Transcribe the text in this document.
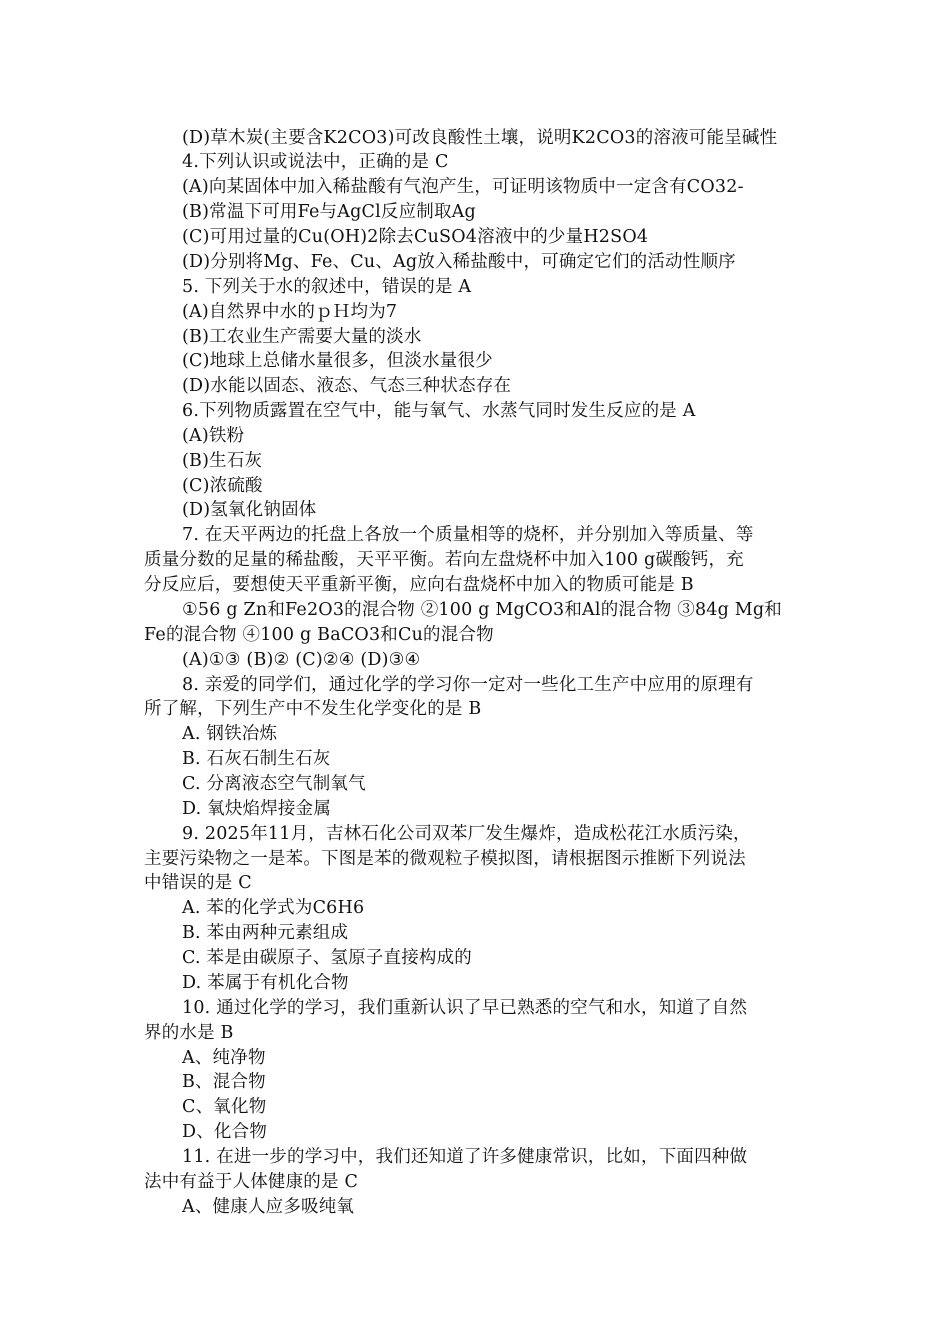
(D)草木炭(主要含K2CO3)可改良酸性土壤，说明K2CO3的溶液可能呈碱性
4.下列认识或说法中，正确的是 C
(A)向某固体中加入稀盐酸有气泡产生，可证明该物质中一定含有CO32-
(B)常温下可用Fe与AgCl反应制取Ag
(C)可用过量的Cu(OH)2除去CuSO4溶液中的少量H2SO4
(D)分别将Mg、Fe、Cu、Ag放入稀盐酸中，可确定它们的活动性顺序
5. 下列关于水的叙述中，错误的是 A
(A)自然界中水的ｐＨ均为7
(B)工农业生产需要大量的淡水
(C)地球上总储水量很多，但淡水量很少
(D)水能以固态、液态、气态三种状态存在
6.下列物质露置在空气中，能与氧气、水蒸气同时发生反应的是 A
(A)铁粉
(B)生石灰
(C)浓硫酸
(D)氢氧化钠固体
7. 在天平两边的托盘上各放一个质量相等的烧杯，并分别加入等质量、等
质量分数的足量的稀盐酸，天平平衡。若向左盘烧杯中加入100 g碳酸钙，充
分反应后，要想使天平重新平衡，应向右盘烧杯中加入的物质可能是 B
①56 g Zn和Fe2O3的混合物 ②100 g MgCO3和Al的混合物 ③84g Mg和
Fe的混合物 ④100 g BaCO3和Cu的混合物
(A)①③ (B)② (C)②④ (D)③④
8. 亲爱的同学们，通过化学的学习你一定对一些化工生产中应用的原理有
所了解，下列生产中不发生化学变化的是 B
A. 钢铁冶炼
B. 石灰石制生石灰
C. 分离液态空气制氧气
D. 氧炔焰焊接金属
9. 2025年11月，吉林石化公司双苯厂发生爆炸，造成松花江水质污染，
主要污染物之一是苯。下图是苯的微观粒子模拟图，请根据图示推断下列说法
中错误的是 C
A. 苯的化学式为C6H6
B. 苯由两种元素组成
C. 苯是由碳原子、氢原子直接构成的
D. 苯属于有机化合物
10. 通过化学的学习，我们重新认识了早已熟悉的空气和水，知道了自然
界的水是 B
A、纯净物
B、混合物
C、氧化物
D、化合物
11. 在进一步的学习中，我们还知道了许多健康常识，比如，下面四种做
法中有益于人体健康的是 C
A、健康人应多吸纯氧
